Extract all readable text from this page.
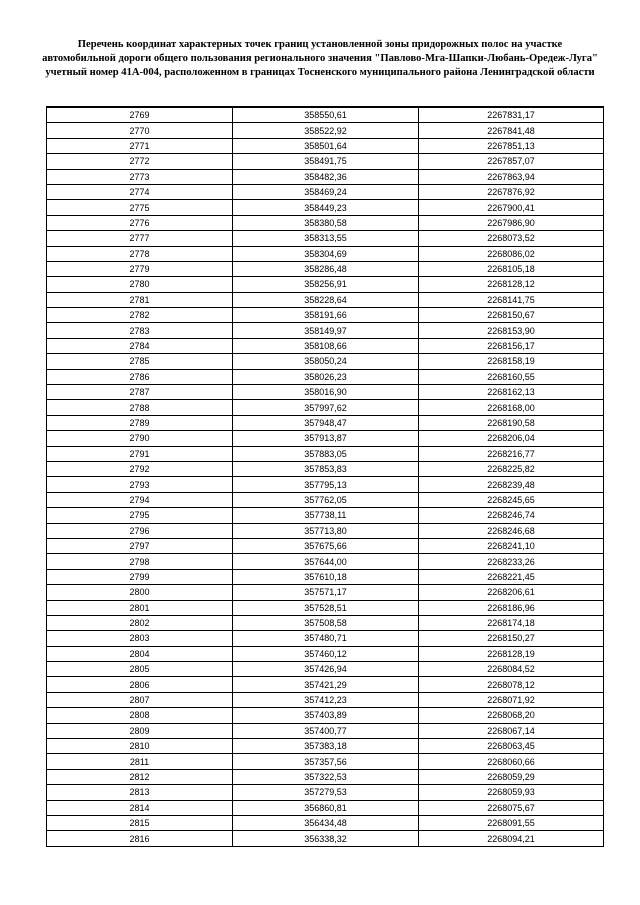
Перечень координат характерных точек границ установленной зоны придорожных полос на участке автомобильной дороги общего пользования регионального значения "Павлово-Мга-Шапки-Любань-Оредеж-Луга" учетный номер 41А-004, расположенном в границах Тосненского муниципального района Ленинградской области
2769	358550,61	2267831,17
2770	358522,92	2267841,48
2771	358501,64	2267851,13
2772	358491,75	2267857,07
2773	358482,36	2267863,94
2774	358469,24	2267876,92
2775	358449,23	2267900,41
2776	358380,58	2267986,90
2777	358313,55	2268073,52
2778	358304,69	2268086,02
2779	358286,48	2268105,18
2780	358256,91	2268128,12
2781	358228,64	2268141,75
2782	358191,66	2268150,67
2783	358149,97	2268153,90
2784	358108,66	2268156,17
2785	358050,24	2268158,19
2786	358026,23	2268160,55
2787	358016,90	2268162,13
2788	357997,62	2268168,00
2789	357948,47	2268190,58
2790	357913,87	2268206,04
2791	357883,05	2268216,77
2792	357853,83	2268225,82
2793	357795,13	2268239,48
2794	357762,05	2268245,65
2795	357738,11	2268246,74
2796	357713,80	2268246,68
2797	357675,66	2268241,10
2798	357644,00	2268233,26
2799	357610,18	2268221,45
2800	357571,17	2268206,61
2801	357528,51	2268186,96
2802	357508,58	2268174,18
2803	357480,71	2268150,27
2804	357460,12	2268128,19
2805	357426,94	2268084,52
2806	357421,29	2268078,12
2807	357412,23	2268071,92
2808	357403,89	2268068,20
2809	357400,77	2268067,14
2810	357383,18	2268063,45
2811	357357,56	2268060,66
2812	357322,53	2268059,29
2813	357279,53	2268059,93
2814	356860,81	2268075,67
2815	356434,48	2268091,55
2816	356338,32	2268094,21
